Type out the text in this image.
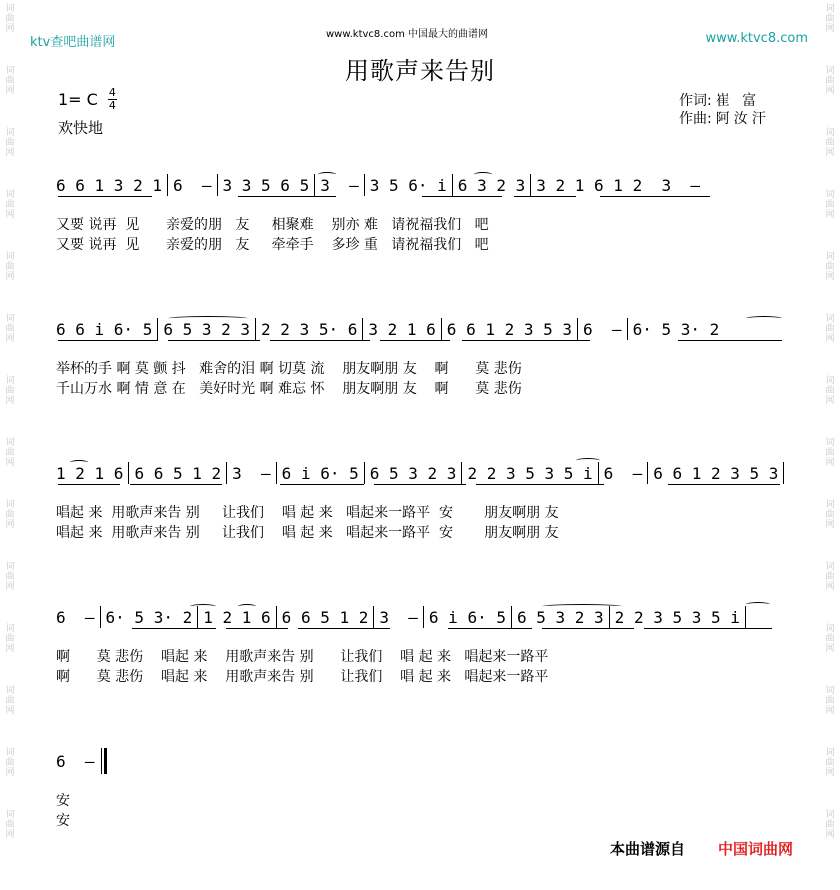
词
曲
网
词
曲
网
词
曲
网
词
曲
网
词
曲
网
词
曲
网
词
曲
网
词
曲
网
词
曲
网
词
曲
网
词
曲
网
词
曲
网
词
曲
网
词
曲
网
词
曲
网
词
曲
网
词
曲
网
词
曲
网
词
曲
网
词
曲
网
词
曲
网
词
曲
网
词
曲
网
词
曲
网
词
曲
网
词
曲
网
词
曲
网
词
曲
网
ktv查吧曲谱网
www.ktvc8.com 中国最大的曲谱网	www.ktvc8.com
用歌声来告别
1= C 4
4
欢快地
作词: 崔 富
作曲: 阿汝汗
6 6 1 3 2 1 6  – 3 3 5 6 5 3  – 3 5 6· i 6 3 2 3 3 2 1 6 1 2  3  –
又要 说再  见      亲爱的朋   友     相聚难    别亦 难   请祝福我们   吧
又要 说再  见      亲爱的朋   友     牵牵手    多珍 重   请祝福我们   吧
6 6 i 6· 5 6 5 3 2 3 2 2 3 5· 6 3 2 1 6 6 6 1 2 3 5 3 6  – 6· 5 3· 2
举杯的手 啊 莫 颤 抖   难舍的泪 啊 切莫 流    朋友啊朋 友    啊      莫 悲伤
千山万水 啊 情 意 在   美好时光 啊 难忘 怀    朋友啊朋 友    啊      莫 悲伤
1 2 1 6 6 6 5 1 2 3  – 6 i 6· 5 6 5 3 2 3 2 2 3 5 3 5 i 6  – 6 6 1 2 3 5 3
唱起 来  用歌声来告 别     让我们    唱 起 来   唱起来一路平  安       朋友啊朋 友
唱起 来  用歌声来告 别     让我们    唱 起 来   唱起来一路平  安       朋友啊朋 友
6  – 6· 5 3· 2 1 2 1 6 6 6 5 1 2 3  – 6 i 6· 5 6 5 3 2 3 2 2 3 5 3 5 i
啊      莫 悲伤    唱起 来    用歌声来告 别      让我们    唱 起 来   唱起来一路平
啊      莫 悲伤    唱起 来    用歌声来告 别      让我们    唱 起 来   唱起来一路平
6  –
安
安
本曲谱源自 中国词曲网
